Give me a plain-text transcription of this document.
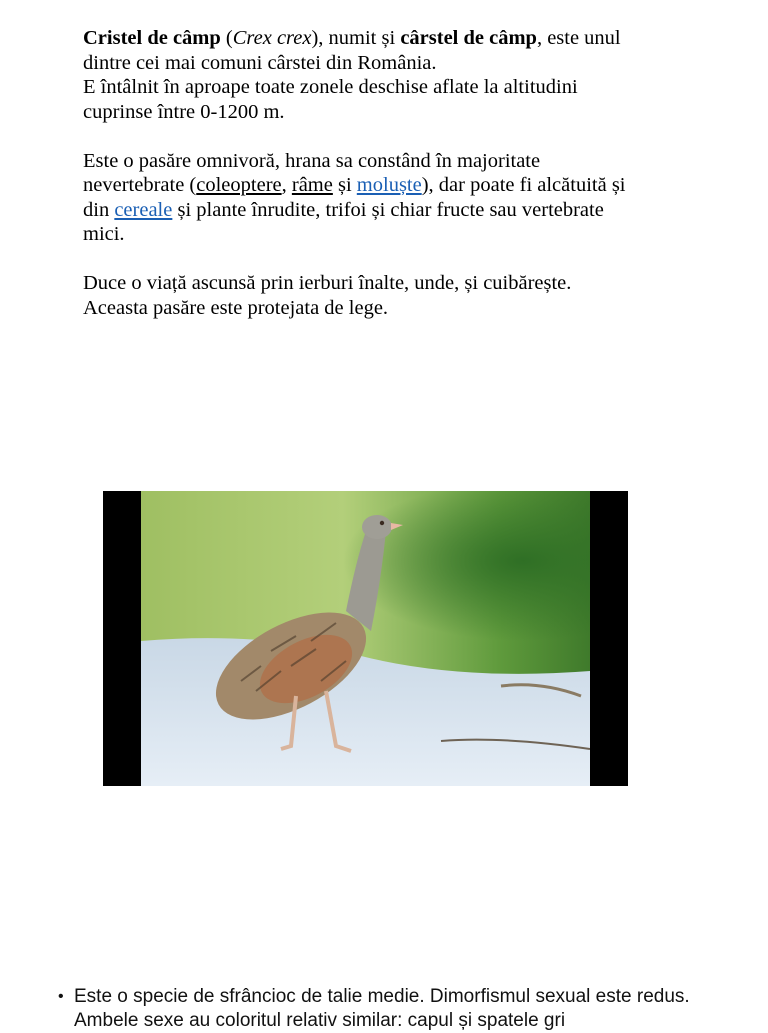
Cristel de câmp (Crex crex), numit și cârstel de câmp, este unul dintre cei mai comuni cârstei din România.

E întâlnit în aproape toate zonele deschise aflate la altitudini cuprinse între 0-1200 m.

Este o pasăre omnivoră, hrana sa constând în majoritate nevertebrate (coleoptere, râme și moluște), dar poate fi alcătuită și din cereale și plante înrudite, trifoi și chiar fructe sau vertebrate mici.

Duce o viață ascunsă prin ierburi înalte, unde, și cuibărește.

Aceasta pasăre este protejata de lege.

• Este o specie de sfrâncioc de talie medie. Dimorfismul sexual este redus. Ambele sexe au coloritul relativ similar: capul și spatele gri
